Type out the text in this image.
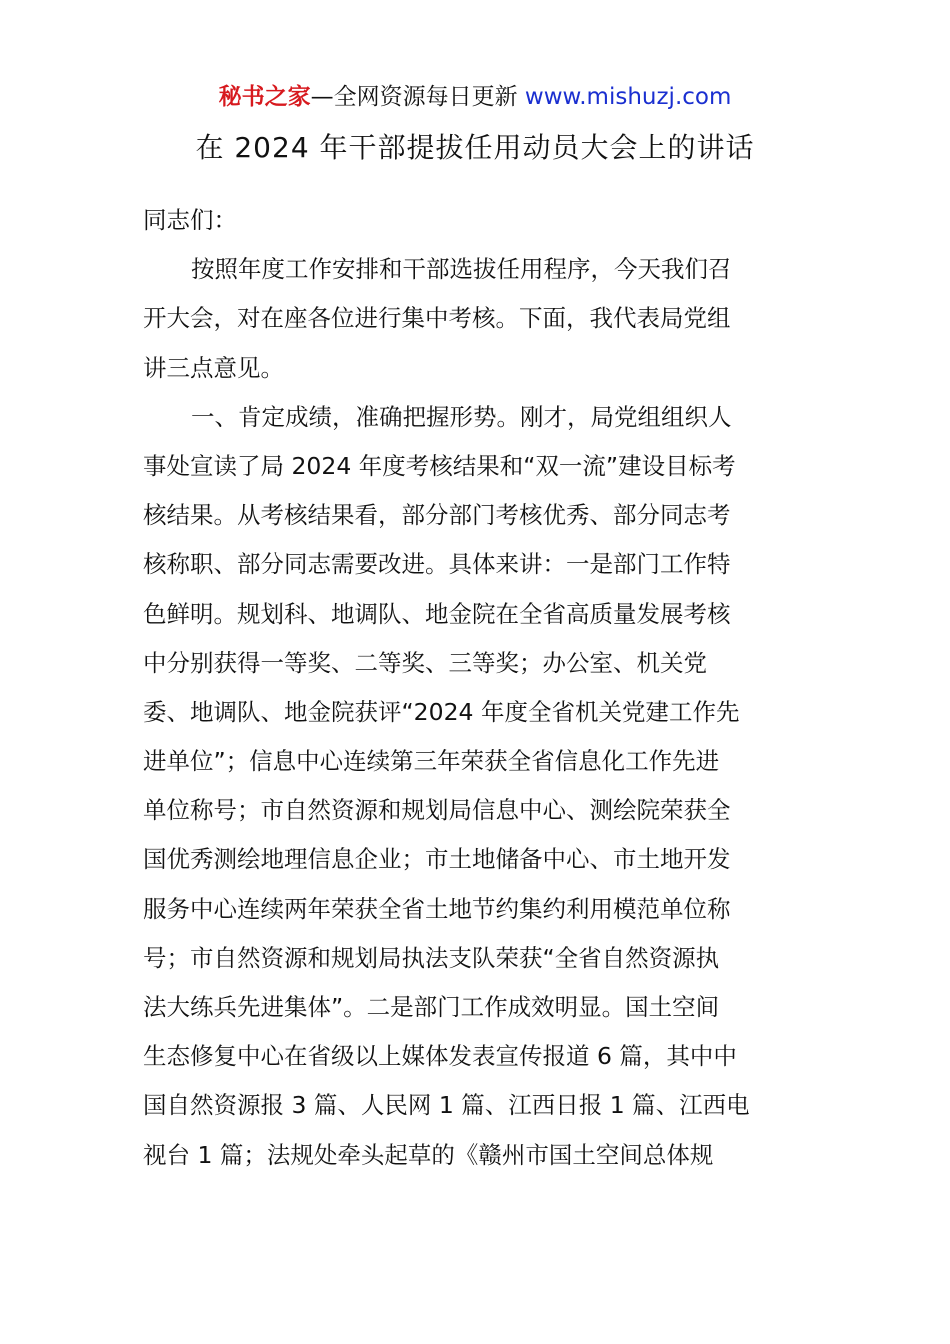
秘书之家—全网资源每日更新 www.mishuzj.com
在 2024 年干部提拔任用动员大会上的讲话
同志们：
按照年度工作安排和干部选拔任用程序，今天我们召
开大会，对在座各位进行集中考核。下面，我代表局党组
讲三点意见。
一、肯定成绩，准确把握形势。刚才，局党组组织人
事处宣读了局 2024 年度考核结果和“双一流”建设目标考
核结果。从考核结果看，部分部门考核优秀、部分同志考
核称职、部分同志需要改进。具体来讲：一是部门工作特
色鲜明。规划科、地调队、地金院在全省高质量发展考核
中分别获得一等奖、二等奖、三等奖；办公室、机关党
委、地调队、地金院获评“2024 年度全省机关党建工作先
进单位”；信息中心连续第三年荣获全省信息化工作先进
单位称号；市自然资源和规划局信息中心、测绘院荣获全
国优秀测绘地理信息企业；市土地储备中心、市土地开发
服务中心连续两年荣获全省土地节约集约利用模范单位称
号；市自然资源和规划局执法支队荣获“全省自然资源执
法大练兵先进集体”。二是部门工作成效明显。国土空间
生态修复中心在省级以上媒体发表宣传报道 6 篇，其中中
国自然资源报 3 篇、人民网 1 篇、江西日报 1 篇、江西电
视台 1 篇；法规处牵头起草的《赣州市国土空间总体规
